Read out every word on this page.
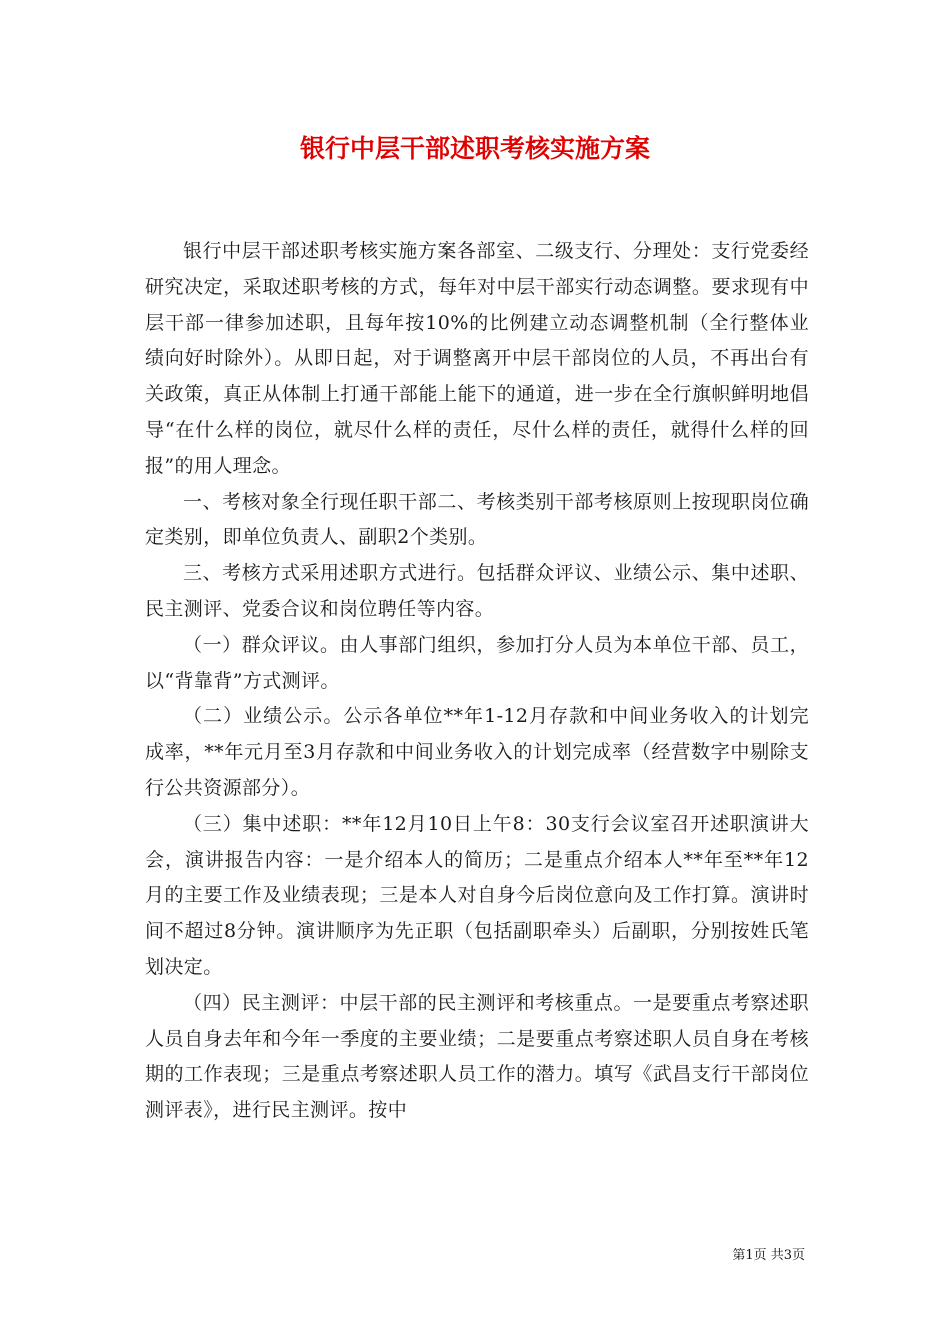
银行中层干部述职考核实施方案

银行中层干部述职考核实施方案各部室、二级支行、分理处：支行党委经研究决定，采取述职考核的方式，每年对中层干部实行动态调整。要求现有中层干部一律参加述职，且每年按10%的比例建立动态调整机制（全行整体业绩向好时除外）。从即日起，对于调整离开中层干部岗位的人员，不再出台有关政策，真正从体制上打通干部能上能下的通道，进一步在全行旗帜鲜明地倡导“在什么样的岗位，就尽什么样的责任，尽什么样的责任，就得什么样的回报”的用人理念。

一、考核对象全行现任职干部二、考核类别干部考核原则上按现职岗位确定类别，即单位负责人、副职2个类别。

三、考核方式采用述职方式进行。包括群众评议、业绩公示、集中述职、民主测评、党委合议和岗位聘任等内容。

（一）群众评议。由人事部门组织，参加打分人员为本单位干部、员工，以“背靠背”方式测评。

（二）业绩公示。公示各单位**年1-12月存款和中间业务收入的计划完成率，**年元月至3月存款和中间业务收入的计划完成率（经营数字中剔除支行公共资源部分）。

（三）集中述职：**年12月10日上午8：30支行会议室召开述职演讲大会，演讲报告内容：一是介绍本人的简历；二是重点介绍本人**年至**年12月的主要工作及业绩表现；三是本人对自身今后岗位意向及工作打算。演讲时间不超过8分钟。演讲顺序为先正职（包括副职牵头）后副职，分别按姓氏笔划决定。

（四）民主测评：中层干部的民主测评和考核重点。一是要重点考察述职人员自身去年和今年一季度的主要业绩；二是要重点考察述职人员自身在考核期的工作表现；三是重点考察述职人员工作的潜力。填写《武昌支行干部岗位测评表》，进行民主测评。按中

第1页 共3页
